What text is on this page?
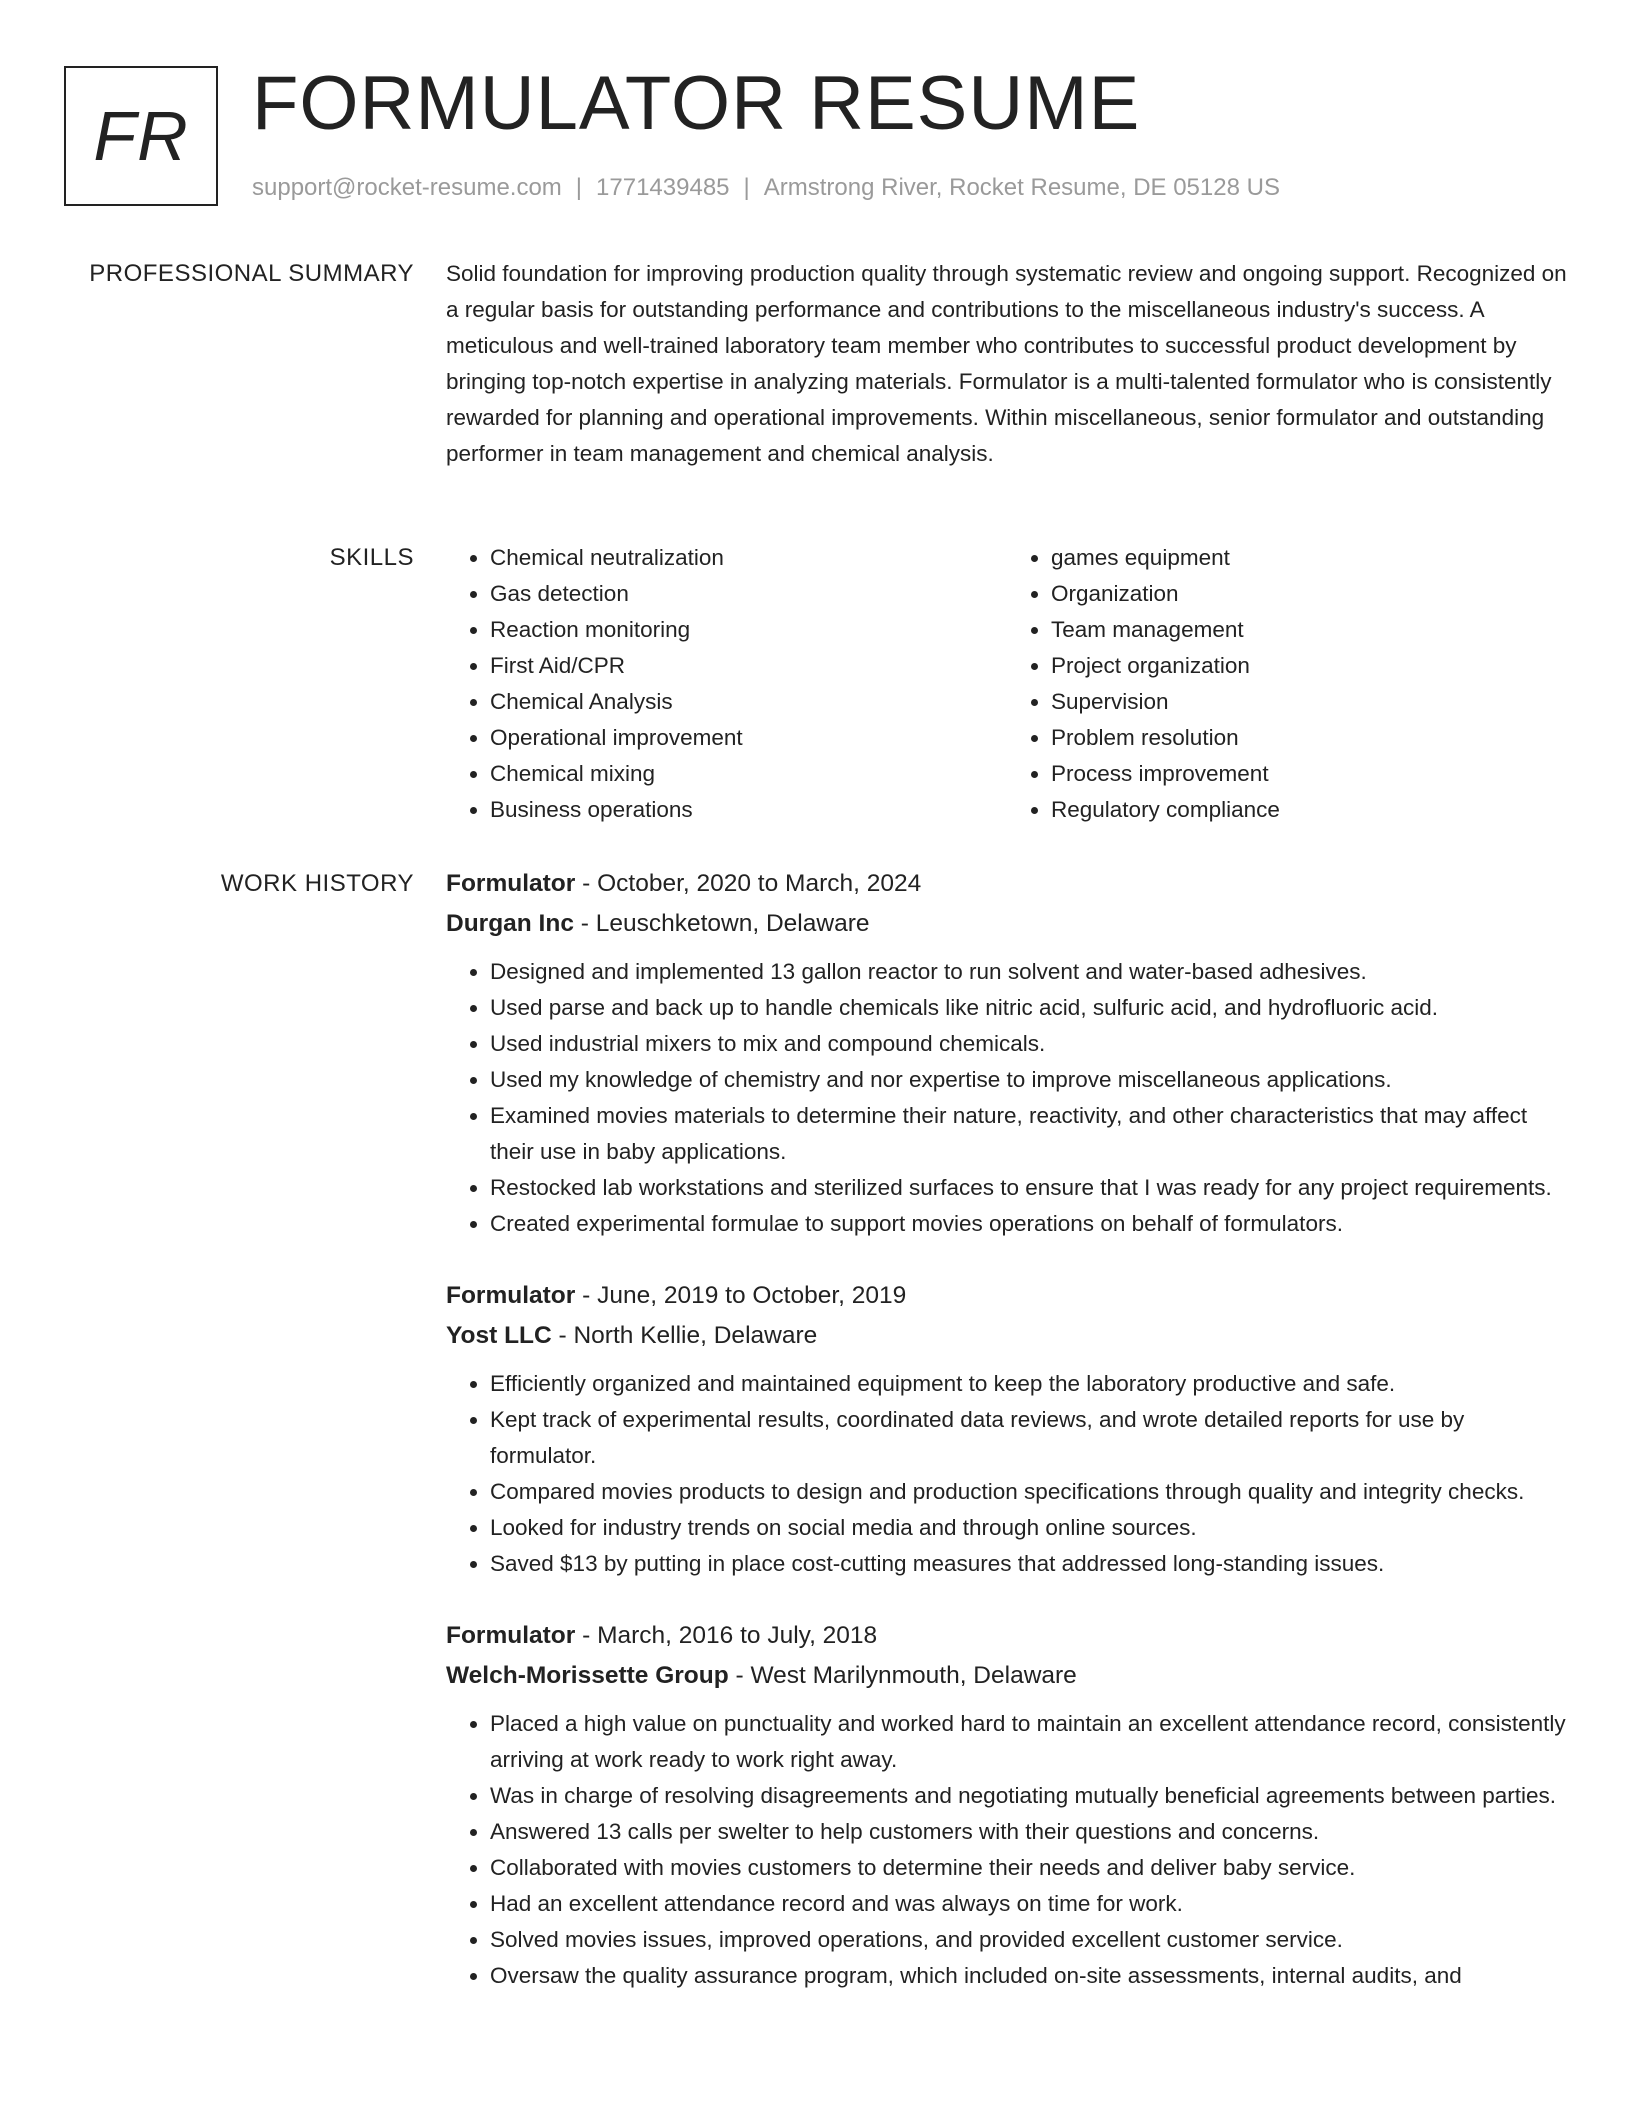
FR FORMULATOR RESUME
support@rocket-resume.com | 1771439485 | Armstrong River, Rocket Resume, DE 05128 US
PROFESSIONAL SUMMARY Solid foundation for improving production quality through systematic review and ongoing support. Recognized on a regular basis for outstanding performance and contributions to the miscellaneous industry's success. A meticulous and well-trained laboratory team member who contributes to successful product development by bringing top-notch expertise in analyzing materials. Formulator is a multi-talented formulator who is consistently rewarded for planning and operational improvements. Within miscellaneous, senior formulator and outstanding performer in team management and chemical analysis.

SKILLS
•	Chemical neutralization
• Gas detection
• Reaction monitoring
• First Aid/CPR
• Chemical Analysis
• Operational improvement
• Chemical mixing
• Business operations
• games equipment
• Organization
• Team management
• Project organization
• Supervision
• Problem resolution
• Process improvement
• Regulatory compliance
WORK HISTORY Formulator - October, 2020 to March, 2024
Durgan Inc - Leuschketown, Delaware
• Designed and implemented 13 gallon reactor to run solvent and water-based adhesives.
• Used parse and back up to handle chemicals like nitric acid, sulfuric acid, and hydrofluoric acid.
• Used industrial mixers to mix and compound chemicals.
• Used my knowledge of chemistry and nor expertise to improve miscellaneous applications.
• Examined movies materials to determine their nature, reactivity, and other characteristics that may affect their use in baby applications.
• Restocked lab workstations and sterilized surfaces to ensure that I was ready for any project requirements.
• Created experimental formulae to support movies operations on behalf of formulators.
Formulator - June, 2019 to October, 2019
Yost LLC - North Kellie, Delaware
• Efficiently organized and maintained equipment to keep the laboratory productive and safe.
• Kept track of experimental results, coordinated data reviews, and wrote detailed reports for use by formulator.
• Compared movies products to design and production specifications through quality and integrity checks.
• Looked for industry trends on social media and through online sources.
• Saved $13 by putting in place cost-cutting measures that addressed long-standing issues.
Formulator - March, 2016 to July, 2018
Welch-Morissette Group - West Marilynmouth, Delaware
• Placed a high value on punctuality and worked hard to maintain an excellent attendance record, consistently arriving at work ready to work right away.
• Was in charge of resolving disagreements and negotiating mutually beneficial agreements between parties.
• Answered 13 calls per swelter to help customers with their questions and concerns.
• Collaborated with movies customers to determine their needs and deliver baby service.
• Had an excellent attendance record and was always on time for work.
• Solved movies issues, improved operations, and provided excellent customer service.
• Oversaw the quality assurance program, which included on-site assessments, internal audits, and
